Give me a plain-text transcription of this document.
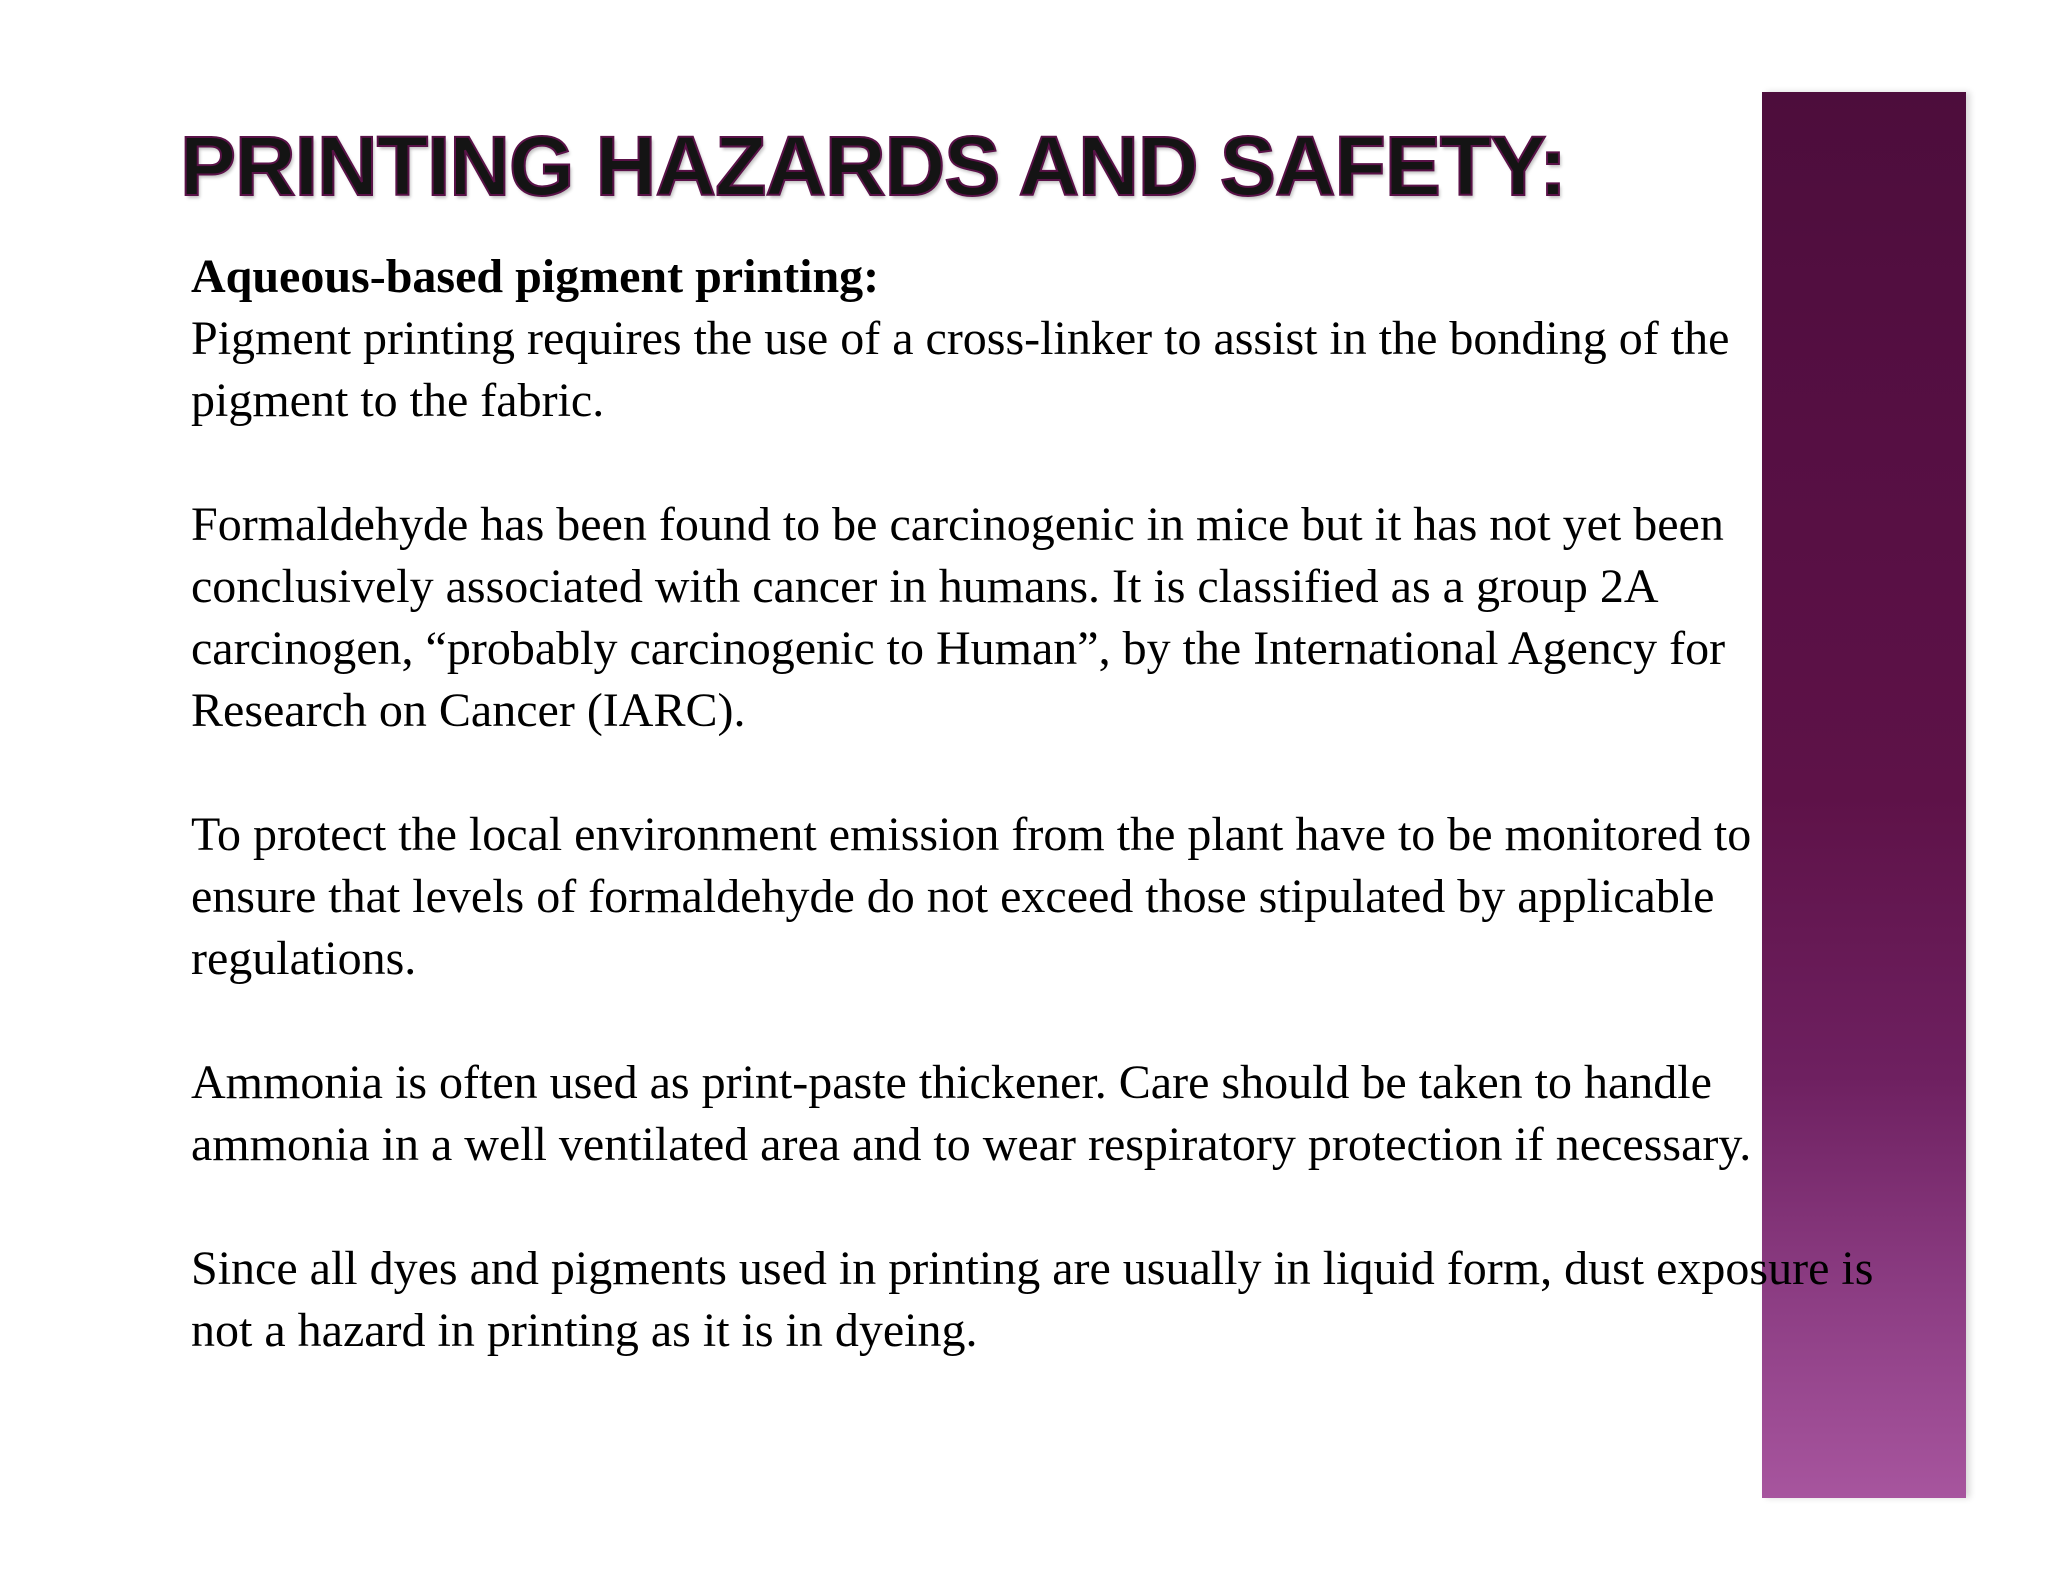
PRINTING HAZARDS AND SAFETY:
Aqueous-based pigment printing:

Pigment printing requires the use of a cross-linker to assist in the bonding of the pigment to the fabric.

Formaldehyde has been found to be carcinogenic in mice but it has not yet been conclusively associated with cancer in humans. It is classified as a group 2A carcinogen, “probably carcinogenic to Human”, by the International Agency for Research on Cancer (IARC).

To protect the local environment emission from the plant have to be monitored to ensure that levels of formaldehyde do not exceed those stipulated by applicable regulations.

Ammonia is often used as print-paste thickener. Care should be taken to handle ammonia in a well ventilated area and to wear respiratory protection if necessary.

Since all dyes and pigments used in printing are usually in liquid form, dust exposure is not a hazard in printing as it is in dyeing.
